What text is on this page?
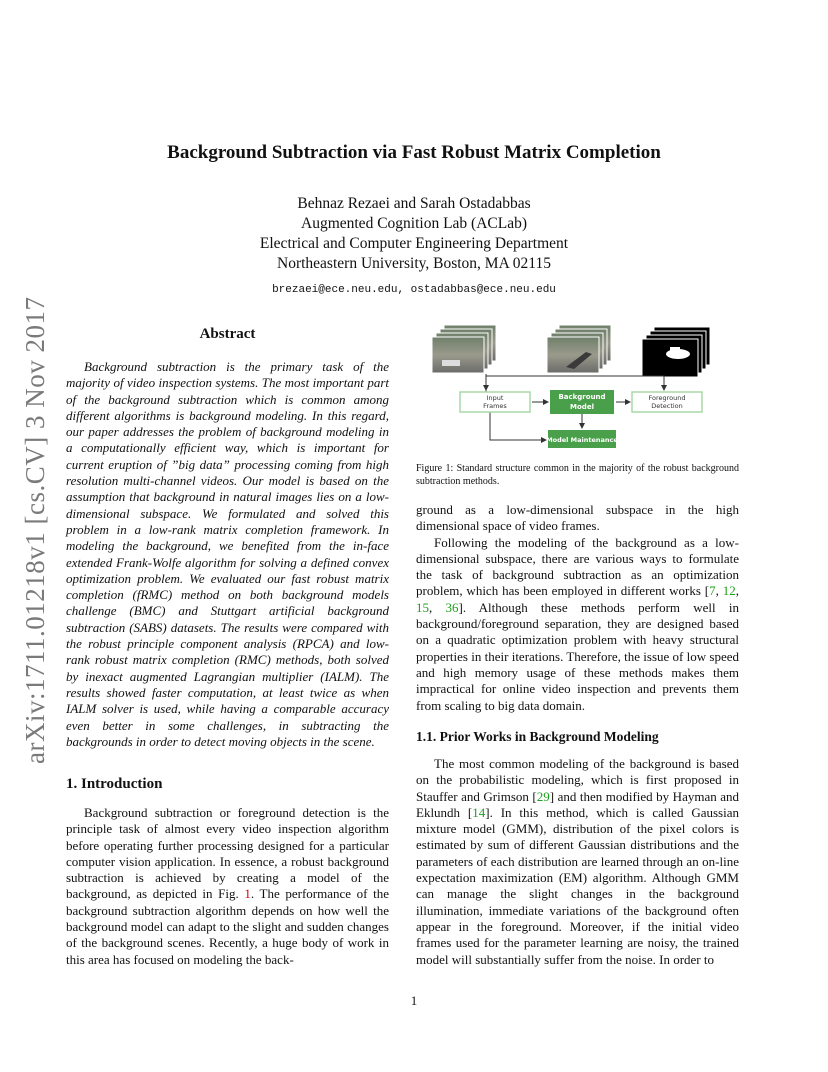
arXiv:1711.01218v1 [cs.CV] 3 Nov 2017
Background Subtraction via Fast Robust Matrix Completion
Behnaz Rezaei and Sarah Ostadabbas
Augmented Cognition Lab (ACLab)
Electrical and Computer Engineering Department
Northeastern University, Boston, MA 02115
brezaei@ece.neu.edu, ostadabbas@ece.neu.edu
Abstract

Background subtraction is the primary task of the majority of video inspection systems. The most important part of the background subtraction which is common among different algorithms is background modeling. In this regard, our paper addresses the problem of background modeling in a computationally efficient way, which is important for current eruption of ”big data” processing coming from high resolution multi-channel videos. Our model is based on the assumption that background in natural images lies on a low-dimensional subspace. We formulated and solved this problem in a low-rank matrix completion framework. In modeling the background, we benefited from the in-face extended Frank-Wolfe algorithm for solving a defined convex optimization problem. We evaluated our fast robust matrix completion (fRMC) method on both background models challenge (BMC) and Stuttgart artificial background subtraction (SABS) datasets. The results were compared with the robust principle component analysis (RPCA) and low-rank robust matrix completion (RMC) methods, both solved by inexact augmented Lagrangian multiplier (IALM). The results showed faster computation, at least twice as when IALM solver is used, while having a comparable accuracy even better in some challenges, in subtracting the backgrounds in order to detect moving objects in the scene.

1. Introduction

Background subtraction or foreground detection is the principle task of almost every video inspection algorithm before operating further processing designed for a particular computer vision application. In essence, a robust background subtraction is achieved by creating a model of the background, as depicted in Fig. 1. The performance of the background subtraction algorithm depends on how well the background model can adapt to the slight and sudden changes of the background scenes. Recently, a huge body of work in this area has focused on modeling the back-

Input
Frames
Background
Model
Foreground
Detection
Model Maintenance
Figure 1: Standard structure common in the majority of the robust background subtraction methods.

ground as a low-dimensional subspace in the high dimensional space of video frames.

Following the modeling of the background as a low-dimensional subspace, there are various ways to formulate the task of background subtraction as an optimization problem, which has been employed in different works [7, 12, 15, 36]. Although these methods perform well in background/foreground separation, they are designed based on a quadratic optimization problem with heavy structural properties in their iterations. Therefore, the issue of low speed and high memory usage of these methods makes them impractical for online video inspection and prevents them from scaling to big data domain.

1.1. Prior Works in Background Modeling

The most common modeling of the background is based on the probabilistic modeling, which is first proposed in Stauffer and Grimson [29] and then modified by Hayman and Eklundh [14]. In this method, which is called Gaussian mixture model (GMM), distribution of the pixel colors is estimated by sum of different Gaussian distributions and the parameters of each distribution are learned through an on-line expectation maximization (EM) algorithm. Although GMM can manage the slight changes in the background illumination, immediate variations of the background often appear in the foreground. Moreover, if the initial video frames used for the parameter learning are noisy, the trained model will substantially suffer from the noise. In order to

1
